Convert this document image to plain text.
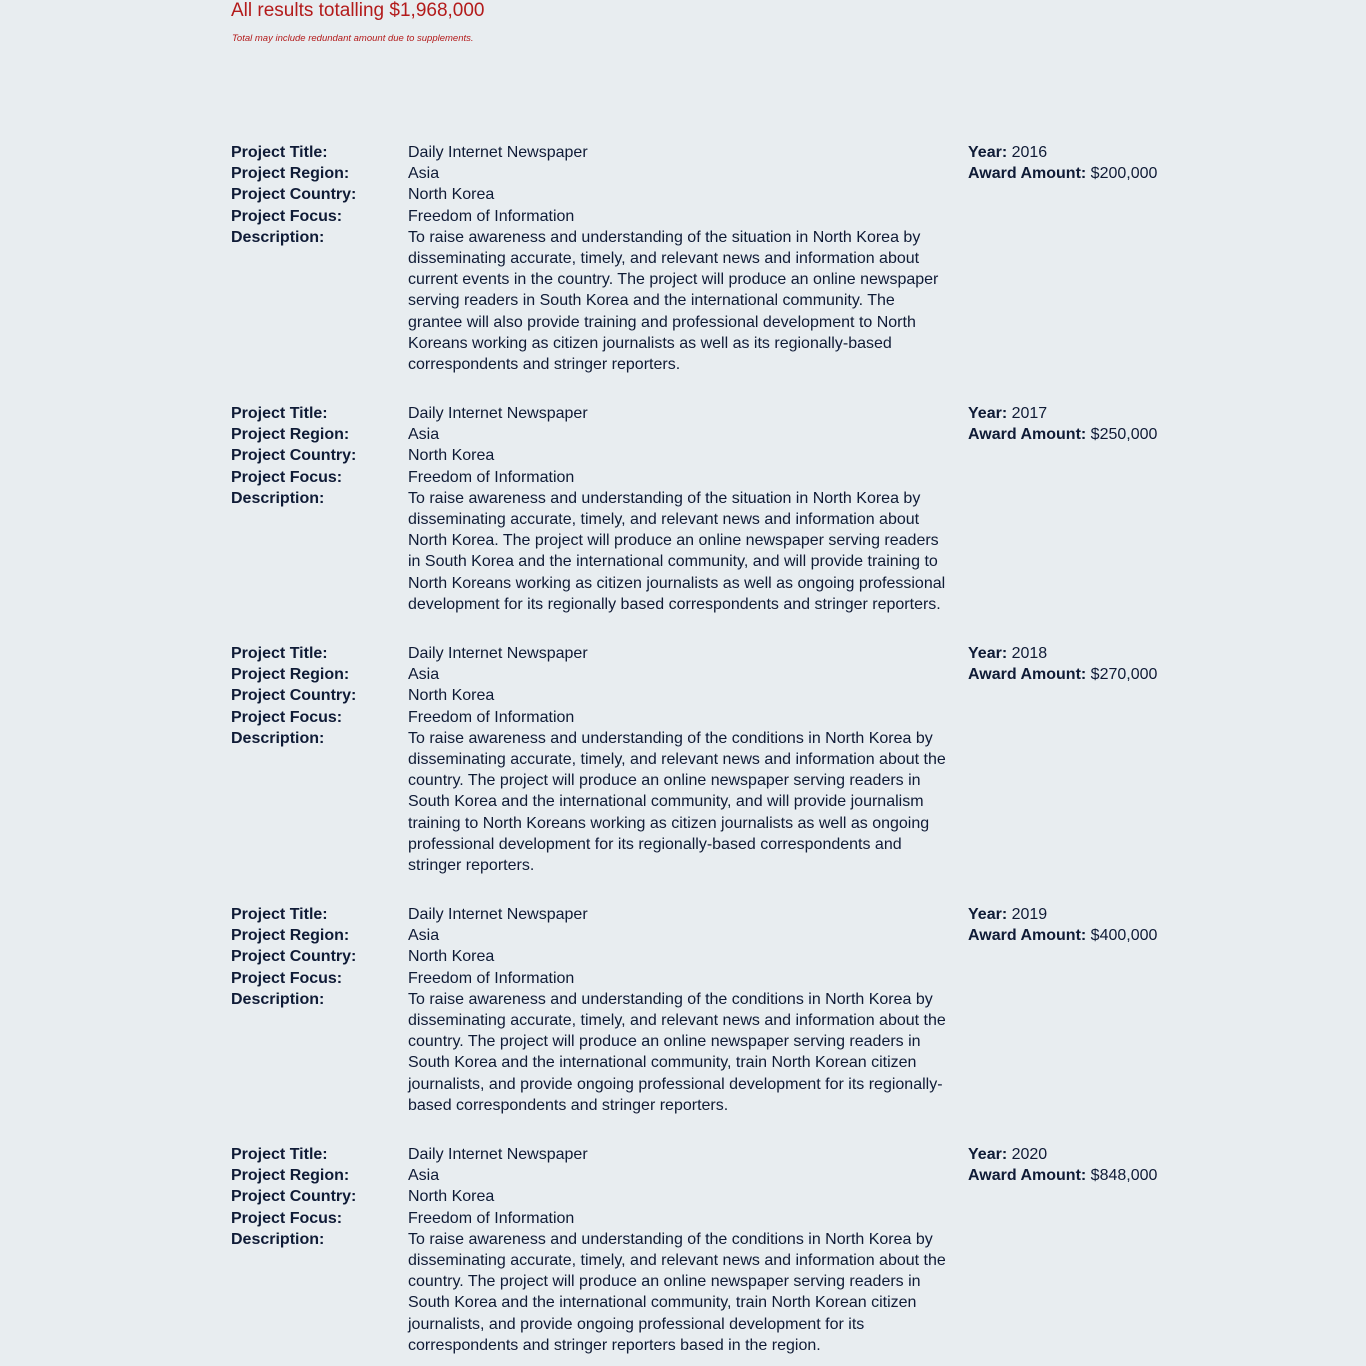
All results totalling $1,968,000
Total may include redundant amount due to supplements.
Project Title:
Project Region:
Project Country:
Project Focus:
Description:
Daily Internet Newspaper
Asia
North Korea
Freedom of Information
To raise awareness and understanding of the situation in North Korea by
disseminating accurate, timely, and relevant news and information about
current events in the country. The project will produce an online newspaper
serving readers in South Korea and the international community. The
grantee will also provide training and professional development to North
Koreans working as citizen journalists as well as its regionally-based
correspondents and stringer reporters.
Year: 2016
Award Amount: $200,000
Project Title:
Project Region:
Project Country:
Project Focus:
Description:
Daily Internet Newspaper
Asia
North Korea
Freedom of Information
To raise awareness and understanding of the situation in North Korea by
disseminating accurate, timely, and relevant news and information about
North Korea. The project will produce an online newspaper serving readers
in South Korea and the international community, and will provide training to
North Koreans working as citizen journalists as well as ongoing professional
development for its regionally based correspondents and stringer reporters.
Year: 2017
Award Amount: $250,000
Project Title:
Project Region:
Project Country:
Project Focus:
Description:
Daily Internet Newspaper
Asia
North Korea
Freedom of Information
To raise awareness and understanding of the conditions in North Korea by
disseminating accurate, timely, and relevant news and information about the
country. The project will produce an online newspaper serving readers in
South Korea and the international community, and will provide journalism
training to North Koreans working as citizen journalists as well as ongoing
professional development for its regionally-based correspondents and
stringer reporters.
Year: 2018
Award Amount: $270,000
Project Title:
Project Region:
Project Country:
Project Focus:
Description:
Daily Internet Newspaper
Asia
North Korea
Freedom of Information
To raise awareness and understanding of the conditions in North Korea by
disseminating accurate, timely, and relevant news and information about the
country. The project will produce an online newspaper serving readers in
South Korea and the international community, train North Korean citizen
journalists, and provide ongoing professional development for its regionally-
based correspondents and stringer reporters.
Year: 2019
Award Amount: $400,000
Project Title:
Project Region:
Project Country:
Project Focus:
Description:
Daily Internet Newspaper
Asia
North Korea
Freedom of Information
To raise awareness and understanding of the conditions in North Korea by
disseminating accurate, timely, and relevant news and information about the
country. The project will produce an online newspaper serving readers in
South Korea and the international community, train North Korean citizen
journalists, and provide ongoing professional development for its
correspondents and stringer reporters based in the region.
Year: 2020
Award Amount: $848,000
